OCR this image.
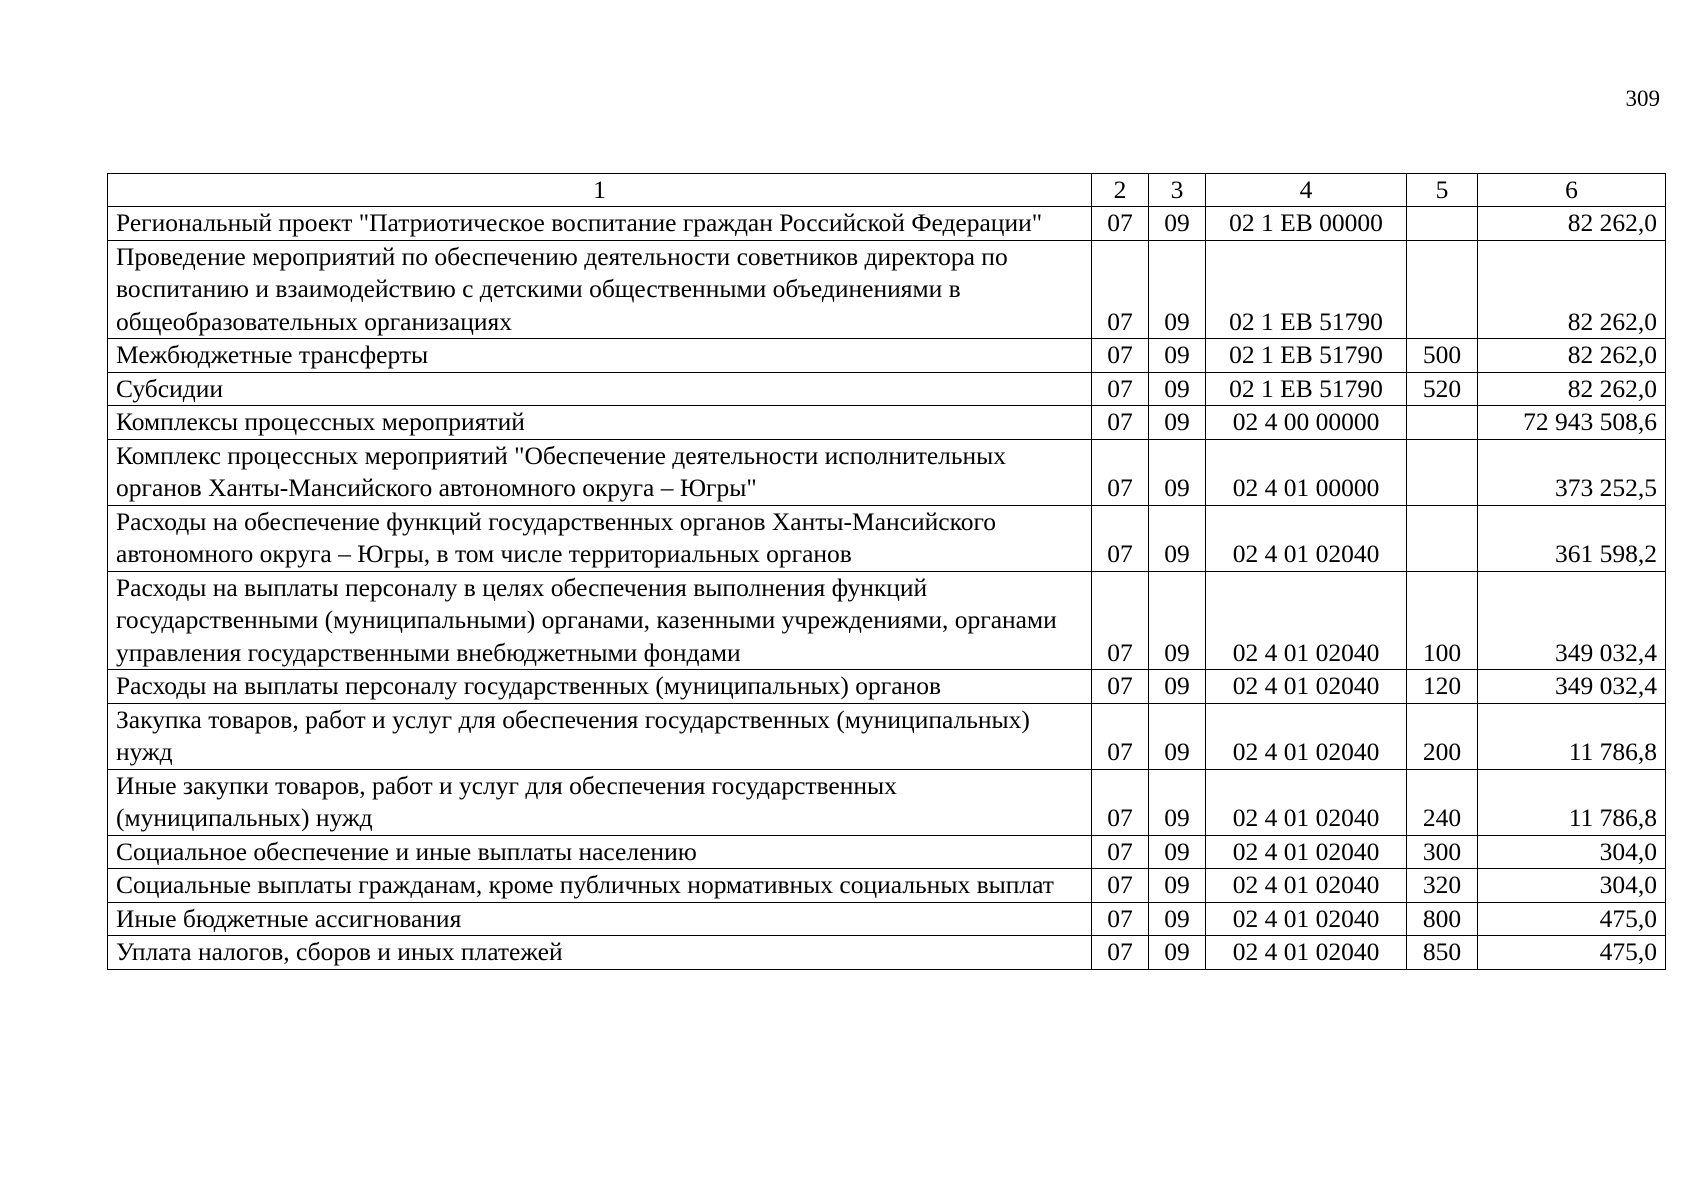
309
1	2	3	4	5	6
Региональный проект "Патриотическое воспитание граждан Российской Федерации"	07	09	02 1 EB 00000		82 262,0
Проведение мероприятий по обеспечению деятельности советников директора по воспитанию и взаимодействию с детскими общественными объединениями в общеобразовательных организациях	07	09	02 1 EB 51790		82 262,0
Межбюджетные трансферты	07	09	02 1 EB 51790	500	82 262,0
Субсидии	07	09	02 1 EB 51790	520	82 262,0
Комплексы процессных мероприятий	07	09	02 4 00 00000		72 943 508,6
Комплекс процессных мероприятий "Обеспечение деятельности исполнительных органов Ханты-Мансийского автономного округа – Югры"	07	09	02 4 01 00000		373 252,5
Расходы на обеспечение функций государственных органов Ханты-Мансийского автономного округа – Югры, в том числе территориальных органов	07	09	02 4 01 02040		361 598,2
Расходы на выплаты персоналу в целях обеспечения выполнения функций государственными (муниципальными) органами, казенными учреждениями, органами управления государственными внебюджетными фондами	07	09	02 4 01 02040	100	349 032,4
Расходы на выплаты персоналу государственных (муниципальных) органов	07	09	02 4 01 02040	120	349 032,4
Закупка товаров, работ и услуг для обеспечения государственных (муниципальных) нужд	07	09	02 4 01 02040	200	11 786,8
Иные закупки товаров, работ и услуг для обеспечения государственных (муниципальных) нужд	07	09	02 4 01 02040	240	11 786,8
Социальное обеспечение и иные выплаты населению	07	09	02 4 01 02040	300	304,0
Социальные выплаты гражданам, кроме публичных нормативных социальных выплат	07	09	02 4 01 02040	320	304,0
Иные бюджетные ассигнования	07	09	02 4 01 02040	800	475,0
Уплата налогов, сборов и иных платежей	07	09	02 4 01 02040	850	475,0
